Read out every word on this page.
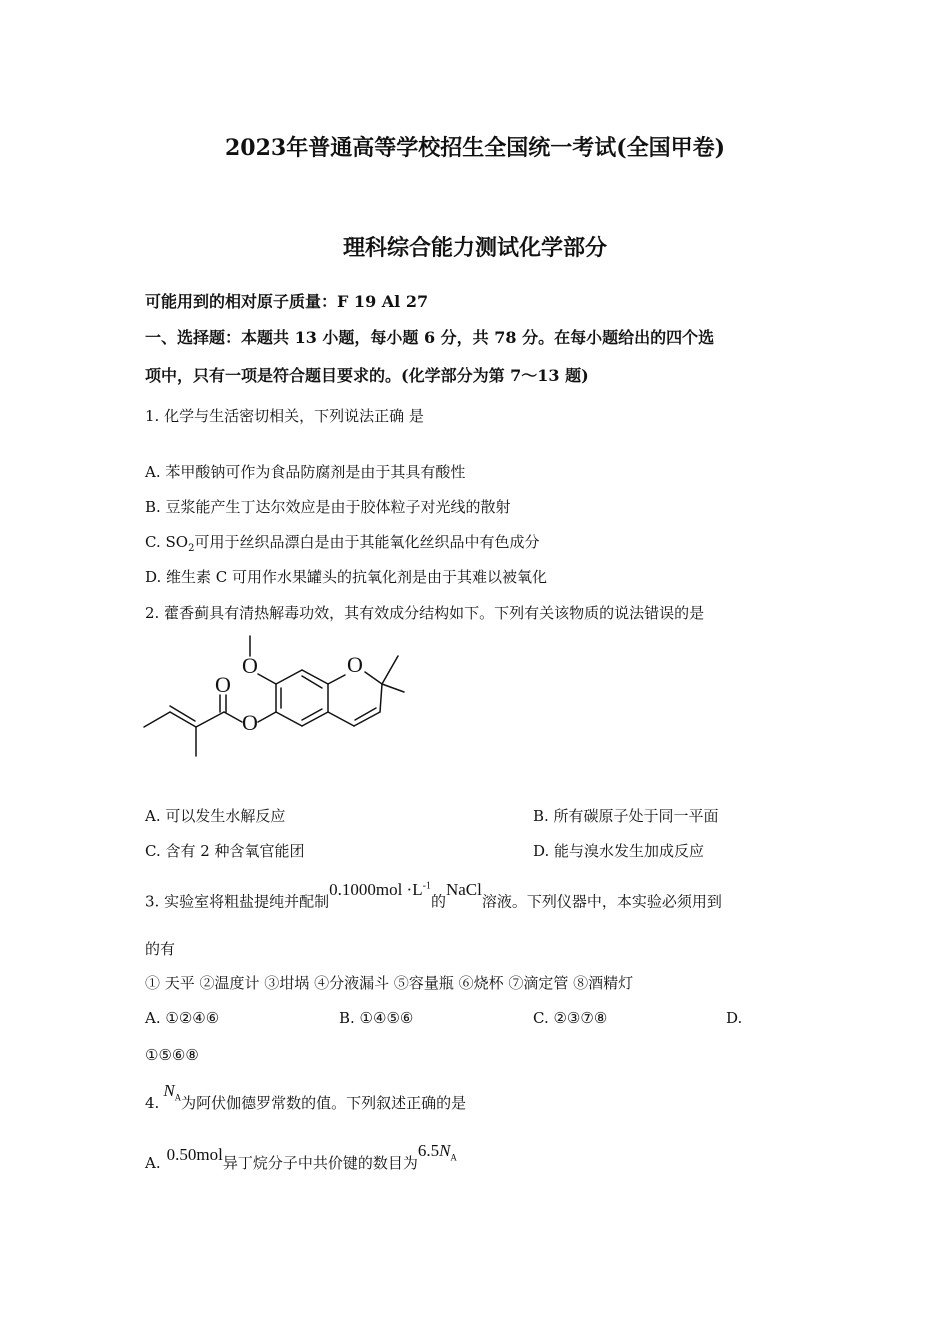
2023年普通高等学校招生全国统一考试(全国甲卷)
理科综合能力测试化学部分
可能用到的相对原子质量：F 19 Al 27
一、选择题：本题共 13 小题，每小题 6 分，共 78 分。在每小题给出的四个选
项中，只有一项是符合题目要求的。(化学部分为第 7～13 题)
1. 化学与生活密切相关，下列说法正确 是
A. 苯甲酸钠可作为食品防腐剂是由于其具有酸性
B. 豆浆能产生丁达尔效应是由于胶体粒子对光线的散射
C. $SO_2$可用于丝织品漂白是由于其能氧化丝织品中有色成分
D. 维生素 C 可用作水果罐头的抗氧化剂是由于其难以被氧化
2. 藿香蓟具有清热解毒功效，其有效成分结构如下。下列有关该物质的说法错误的是
O	O
O
O
A. 可以发生水解反应	B. 所有碳原子处于同一平面
C. 含有 2 种含氧官能团	D. 能与溴水发生加成反应
3. 实验室将粗盐提纯并配制$0.1000mol \cdot L^{-1}$的NaCl溶液。下列仪器中，本实验必须用到
的有
① 天平 ②温度计 ③坩埚 ④分液漏斗 ⑤容量瓶 ⑥烧杯 ⑦滴定管 ⑧酒精灯
A. ①②④⑥	B. ①④⑤⑥	C. ②③⑦⑧	D.
①⑤⑥⑧
$4.N_A$为阿伏伽德罗常数的值。下列叙述正确的是
A. 0.50mol异丁烷分子中共价键的数目为$6.5N_A$
